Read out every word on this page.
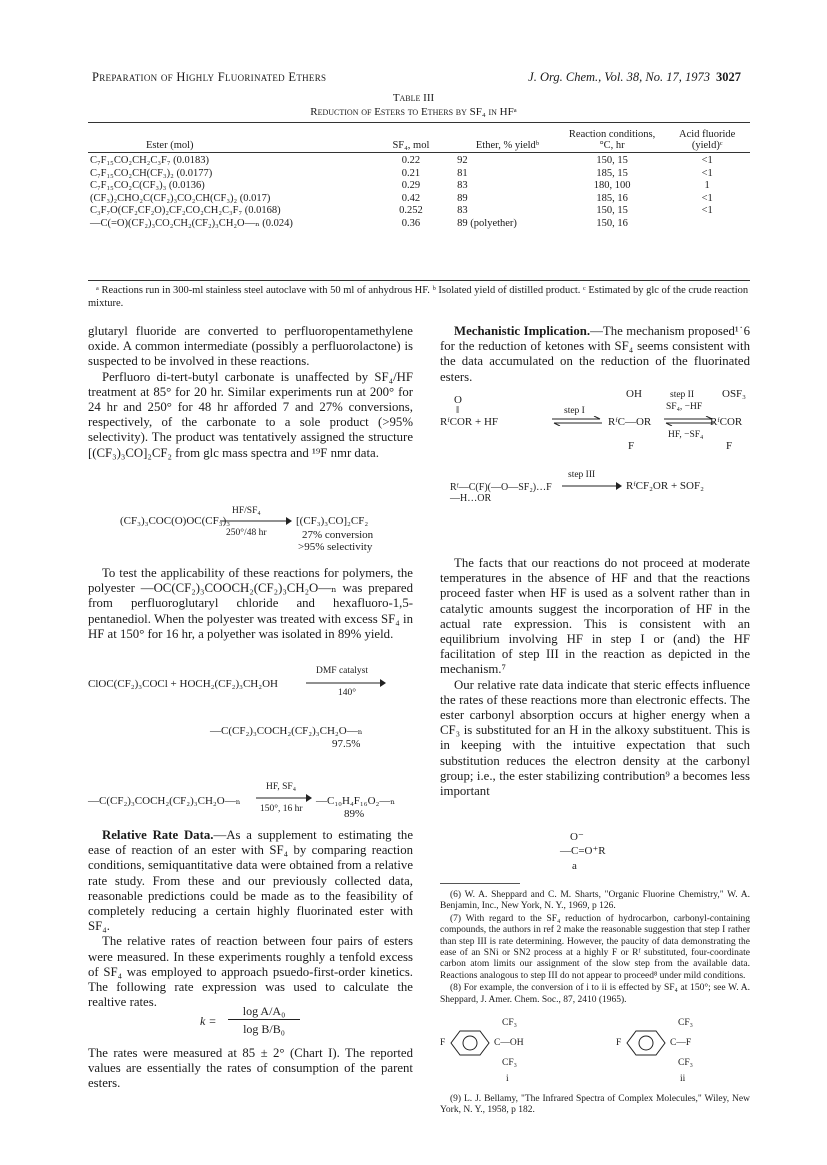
Preparation of Highly Fluorinated Ethers	J. Org. Chem., Vol. 38, No. 17, 1973 3027
Table III
Reduction of Esters to Ethers by SF₄ in HFᵃ
Ester (mol)	SF₄, mol	Ether, % yieldᵇ	Reaction conditions, °C, hr	Acid fluoride (yield)ᶜ

C₇F₁₅CO₂CH₂C₃F₇ (0.0183)	0.22	92	150, 15	<1
C₇F₁₅CO₂CH(CF₃)₂ (0.0177)	0.21	81	185, 15	<1
C₇F₁₅CO₂C(CF₃)₃ (0.0136)	0.29	83	180, 100	1
(CF₃)₂CHO₂C(CF₂)₃CO₂CH(CF₃)₂ (0.017)	0.42	89	185, 16	<1
C₃F₇O(CF₂CF₂O)₂CF₂CO₂CH₂C₃F₇ (0.0168)	0.252	83	150, 15	<1
—C(=O)(CF₂)₃CO₂CH₂(CF₂)₃CH₂O—ₙ (0.024)	0.36	89 (polyether)	150, 16	
ᵃ Reactions run in 300-ml stainless steel autoclave with 50 ml of anhydrous HF. ᵇ Isolated yield of distilled product. ᶜ Estimated by glc of the crude reaction mixture.

glutaryl fluoride are converted to perfluoropentamethylene oxide. A common intermediate (possibly a perfluorolactone) is suspected to be involved in these reactions.

Perfluoro di-tert-butyl carbonate is unaffected by SF₄/HF treatment at 85° for 20 hr. Similar experiments run at 200° for 24 hr and 250° for 48 hr afforded 7 and 27% conversions, respectively, of the carbonate to a sole product (>95% selectivity). The product was tentatively assigned the structure [(CF₃)₃CO]₂CF₂ from glc mass spectra and ¹⁹F nmr data.

(CF₃)₃COC(O)OC(CF₃)₃
HF/SF₄
250°/48 hr
[(CF₃)₃CO]₂CF₂
27% conversion
>95% selectivity

To test the applicability of these reactions for polymers, the polyester —OC(CF₂)₃COOCH₂(CF₂)₃CH₂O—ₙ was prepared from perfluoroglutaryl chloride and hexafluoro-1,5-pentanediol. When the polyester was treated with excess SF₄ in HF at 150° for 16 hr, a polyether was isolated in 89% yield.

ClOC(CF₂)₃COCl + HOCH₂(CF₂)₃CH₂OH
DMF catalyst
140°
—C(CF₂)₃COCH₂(CF₂)₃CH₂O—ₙ
97.5%
—C(CF₂)₃COCH₂(CF₂)₃CH₂O—ₙ
HF, SF₄
150°, 16 hr
—C₁₀H₄F₁₆O₂—ₙ
89%

Relative Rate Data.—As a supplement to estimating the ease of reaction of an ester with SF₄ by comparing reaction conditions, semiquantitative data were obtained from a relative rate study. From these and our previously collected data, reasonable predictions could be made as to the feasibility of completely reducing a certain highly fluorinated ester with SF₄.

The relative rates of reaction between four pairs of esters were measured. In these experiments roughly a tenfold excess of SF₄ was employed to approach psuedo-first-order kinetics. The following rate expression was used to calculate the realtive rates.

k =
log A/A₀
log B/B₀

The rates were measured at 85 ± 2° (Chart I). The reported values are essentially the rates of consumption of the parent esters.

Mechanistic Implication.—The mechanism proposed¹˙6 for the reduction of ketones with SF₄ seems consistent with the data accumulated on the reduction of the fluorinated esters.

O
‖
RᶠCOR + HF
step I
OH
RᶠC—OR
F
step II
SF₄, −HF
HF, −SF₄
OSF₃
RᶠCOR
F
Rᶠ—C(F)(—O—SF₂)…F—H…OR
step III
RᶠCF₂OR + SOF₂

The facts that our reactions do not proceed at moderate temperatures in the absence of HF and that the reactions proceed faster when HF is used as a solvent rather than in catalytic amounts suggest the incorporation of HF in the actual rate expression. This is consistent with an equilibrium involving HF in step I or (and) the HF facilitation of step III in the reaction as depicted in the mechanism.⁷

Our relative rate data indicate that steric effects influence the rates of these reactions more than electronic effects. The ester carbonyl absorption occurs at higher energy when a CF₃ is substituted for an H in the alkoxy substituent. This is in keeping with the intuitive expectation that such substitution reduces the electron density at the carbonyl group; i.e., the ester stabilizing contribution⁹ a becomes less important

O⁻
—C=O⁺R
a

(6) W. A. Sheppard and C. M. Sharts, "Organic Fluorine Chemistry," W. A. Benjamin, Inc., New York, N. Y., 1969, p 126.

(7) With regard to the SF₄ reduction of hydrocarbon, carbonyl-containing compounds, the authors in ref 2 make the reasonable suggestion that step I rather than step III is rate determining. However, the paucity of data demonstrating the ease of an SNi or SN2 process at a highly F or Rᶠ substituted, four-coordinate carbon atom limits our assignment of the slow step from the available data. Reactions analogous to step III do not appear to proceed⁸ under mild conditions.

(8) For example, the conversion of i to ii is effected by SF₄ at 150°; see W. A. Sheppard, J. Amer. Chem. Soc., 87, 2410 (1965).

CF₃
F	C—OH
CF₃
i
CF₃
F	C—F
CF₃
ii

(9) L. J. Bellamy, "The Infrared Spectra of Complex Molecules," Wiley, New York, N. Y., 1958, p 182.
